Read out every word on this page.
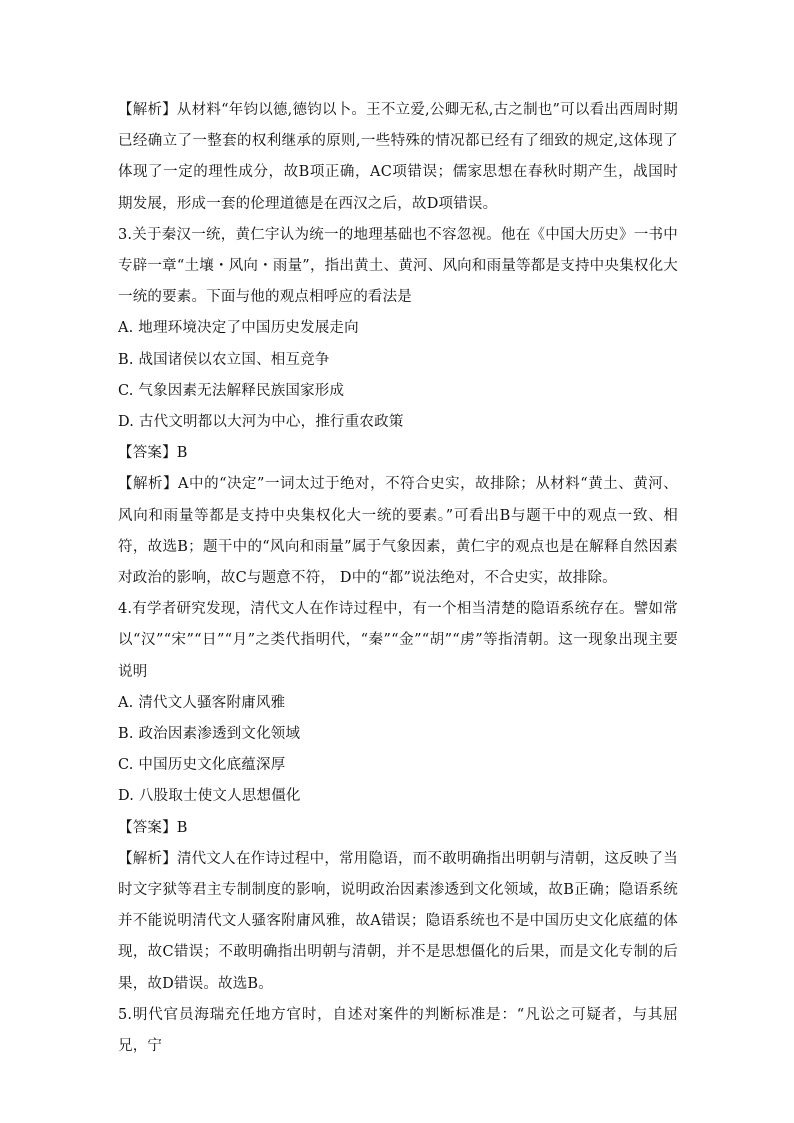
【解析】从材料“年钧以德,德钧以卜。王不立爱,公卿无私,古之制也”可以看出西周时期已经确立了一整套的权利继承的原则,一些特殊的情况都已经有了细致的规定,这体现了体现了一定的理性成分，故B项正确，AC项错误；儒家思想在春秋时期产生，战国时期发展，形成一套的伦理道德是在西汉之后，故D项错误。

3.关于秦汉一统，黄仁宇认为统一的地理基础也不容忽视。他在《中国大历史》一书中专辟一章“土壤・风向・雨量”，指出黄土、黄河、风向和雨量等都是支持中央集权化大一统的要素。下面与他的观点相呼应的看法是

A. 地理环境决定了中国历史发展走向

B. 战国诸侯以农立国、相互竞争

C. 气象因素无法解释民族国家形成

D. 古代文明都以大河为中心，推行重农政策

【答案】B

【解析】A中的“决定”一词太过于绝对，不符合史实，故排除；从材料“黄土、黄河、风向和雨量等都是支持中央集权化大一统的要素。”可看出B与题干中的观点一致、相符，故选B；题干中的“风向和雨量”属于气象因素，黄仁宇的观点也是在解释自然因素对政治的影响，故C与题意不符， D中的“都”说法绝对，不合史实，故排除。

4.有学者研究发现，清代文人在作诗过程中，有一个相当清楚的隐语系统存在。譬如常以“汉”“宋”“日”“月”之类代指明代，“秦”“金”“胡”“虏”等指清朝。这一现象出现主要说明

A. 清代文人骚客附庸风雅

B. 政治因素渗透到文化领域

C. 中国历史文化底蕴深厚

D. 八股取士使文人思想僵化

【答案】B

【解析】清代文人在作诗过程中，常用隐语，而不敢明确指出明朝与清朝，这反映了当时文字狱等君主专制制度的影响，说明政治因素渗透到文化领域，故B正确；隐语系统并不能说明清代文人骚客附庸风雅，故A错误；隐语系统也不是中国历史文化底蕴的体现，故C错误；不敢明确指出明朝与清朝，并不是思想僵化的后果，而是文化专制的后果，故D错误。故选B。

5.明代官员海瑞充任地方官时，自述对案件的判断标准是：“凡讼之可疑者，与其屈兄，宁
